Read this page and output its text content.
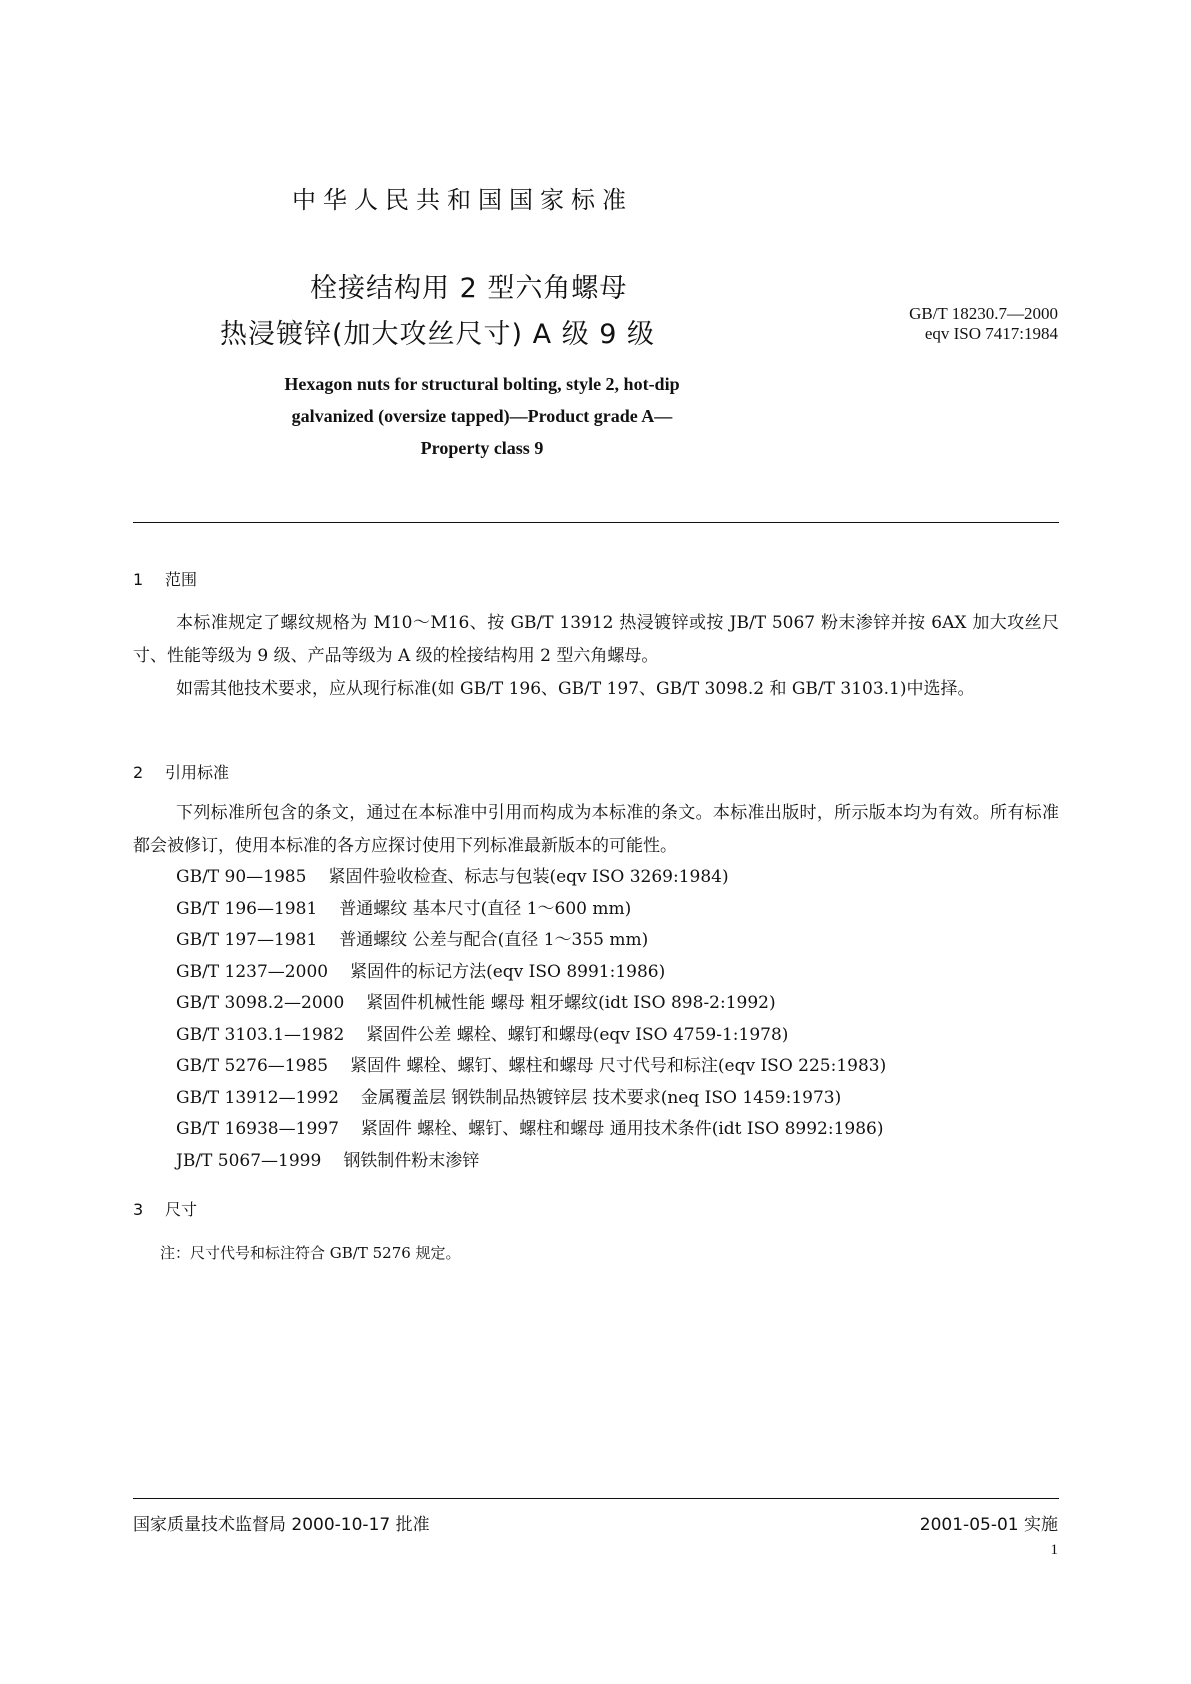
中华人民共和国国家标准
栓接结构用 2 型六角螺母
热浸镀锌(加大攻丝尺寸) A 级 9 级
GB/T 18230.7—2000
eqv ISO 7417:1984
Hexagon nuts for structural bolting, style 2, hot-dip
galvanized (oversize tapped)—Product grade A—
Property class 9
1 范围
本标准规定了螺纹规格为 M10～M16、按 GB/T 13912 热浸镀锌或按 JB/T 5067 粉末渗锌并按 6AX 加大攻丝尺寸、性能等级为 9 级、产品等级为 A 级的栓接结构用 2 型六角螺母。
如需其他技术要求，应从现行标准(如 GB/T 196、GB/T 197、GB/T 3098.2 和 GB/T 3103.1)中选择。
2 引用标准
下列标准所包含的条文，通过在本标准中引用而构成为本标准的条文。本标准出版时，所示版本均为有效。所有标准都会被修订，使用本标准的各方应探讨使用下列标准最新版本的可能性。
GB/T 90—1985 紧固件验收检查、标志与包装(eqv ISO 3269:1984)
GB/T 196—1981 普通螺纹 基本尺寸(直径 1～600 mm)
GB/T 197—1981 普通螺纹 公差与配合(直径 1～355 mm)
GB/T 1237—2000 紧固件的标记方法(eqv ISO 8991:1986)
GB/T 3098.2—2000 紧固件机械性能 螺母 粗牙螺纹(idt ISO 898-2:1992)
GB/T 3103.1—1982 紧固件公差 螺栓、螺钉和螺母(eqv ISO 4759-1:1978)
GB/T 5276—1985 紧固件 螺栓、螺钉、螺柱和螺母 尺寸代号和标注(eqv ISO 225:1983)
GB/T 13912—1992 金属覆盖层 钢铁制品热镀锌层 技术要求(neq ISO 1459:1973)
GB/T 16938—1997 紧固件 螺栓、螺钉、螺柱和螺母 通用技术条件(idt ISO 8992:1986)
JB/T 5067—1999 钢铁制件粉末渗锌
3 尺寸
注：尺寸代号和标注符合 GB/T 5276 规定。
国家质量技术监督局 2000-10-17 批准	2001-05-01 实施
1
